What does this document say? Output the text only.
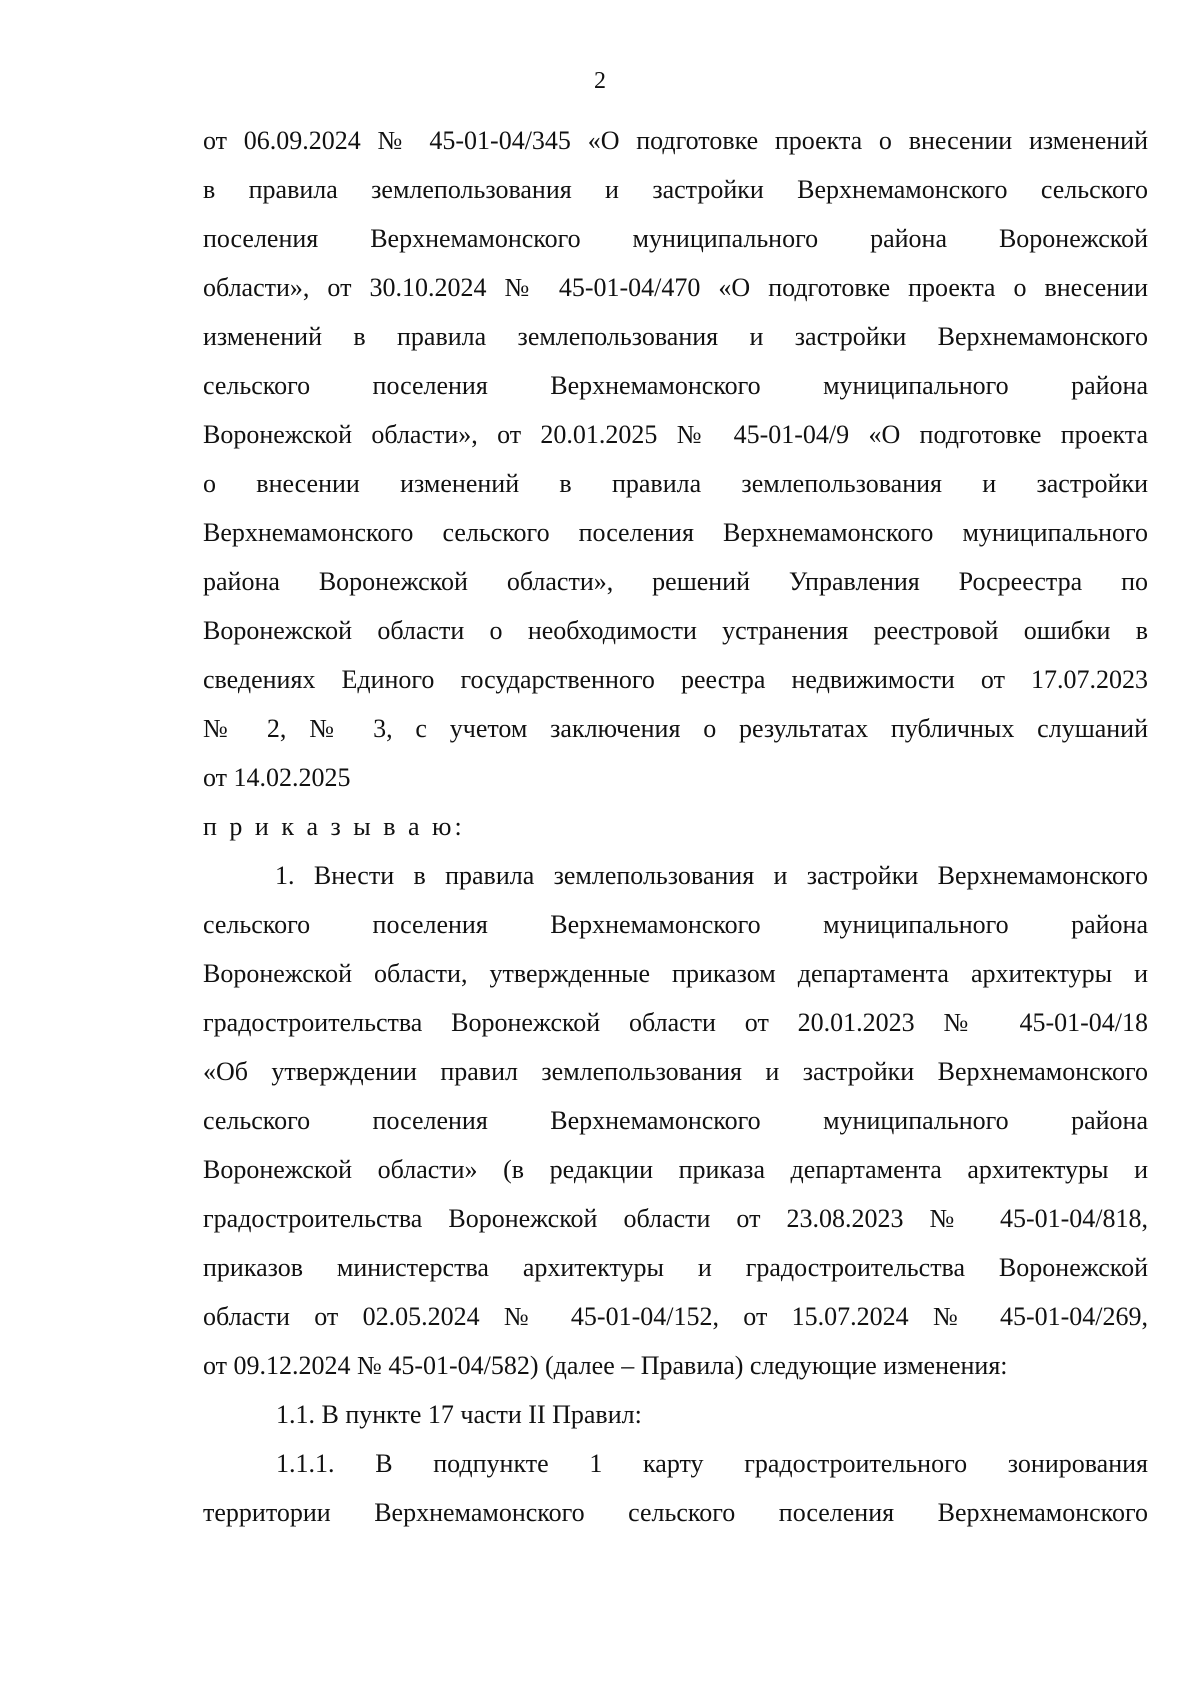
2
от 06.09.2024 № 45-01-04/345 «О подготовке проекта о внесении изменений
в правила землепользования и застройки Верхнемамонского сельского
поселения Верхнемамонского муниципального района Воронежской
области», от 30.10.2024 № 45-01-04/470 «О подготовке проекта о внесении
изменений в правила землепользования и застройки Верхнемамонского
сельского поселения Верхнемамонского муниципального района
Воронежской области», от 20.01.2025 № 45-01-04/9 «О подготовке проекта
о внесении изменений в правила землепользования и застройки
Верхнемамонского сельского поселения Верхнемамонского муниципального
района Воронежской области», решений Управления Росреестра по
Воронежской области о необходимости устранения реестровой ошибки в
сведениях Единого государственного реестра недвижимости от 17.07.2023
№ 2, № 3, с учетом заключения о результатах публичных слушаний
от 14.02.2025
п р и к а з ы в а ю:
1. Внести в правила землепользования и застройки Верхнемамонского
сельского поселения Верхнемамонского муниципального района
Воронежской области, утвержденные приказом департамента архитектуры и
градостроительства Воронежской области от 20.01.2023 № 45-01-04/18
«Об утверждении правил землепользования и застройки Верхнемамонского
сельского поселения Верхнемамонского муниципального района
Воронежской области» (в редакции приказа департамента архитектуры и
градостроительства Воронежской области от 23.08.2023 № 45-01-04/818,
приказов министерства архитектуры и градостроительства Воронежской
области от 02.05.2024 № 45-01-04/152, от 15.07.2024 № 45-01-04/269,
от 09.12.2024 № 45-01-04/582) (далее – Правила) следующие изменения:
1.1. В пункте 17 части II Правил:
1.1.1. В подпункте 1 карту градостроительного зонирования
территории Верхнемамонского сельского поселения Верхнемамонского
